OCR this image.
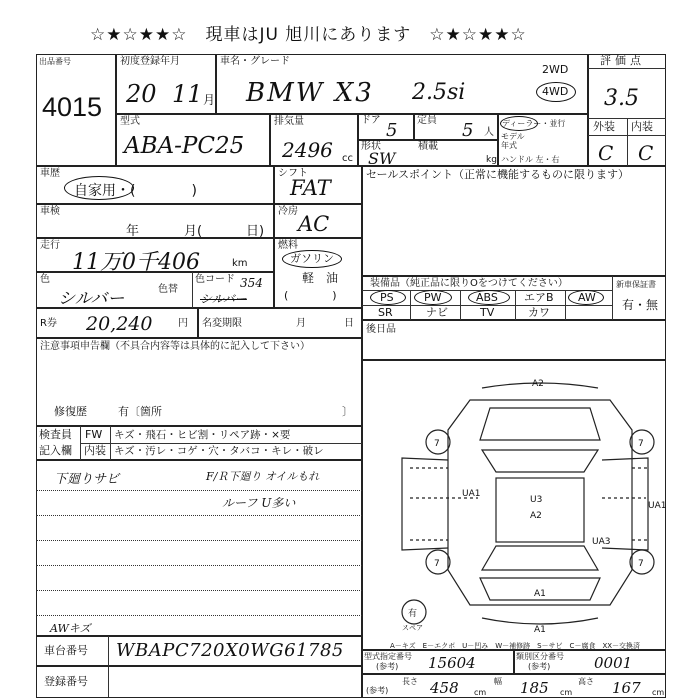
☆★☆★★☆　現車はJU 旭川にあります　☆★☆★★☆
出品番号
4015
初度登録年月
20 11 月
車名・グレード
BMW X3 2.5si
2WD
4WD
評価点
3.5
外装 内装
C C
型式
ABA-PC25
排気量
2496 cc
ドア 5 定員 5 人
ディーラー・並行
モデル年式
ハンドル 左・右
形状
SW
積載
kg
車歴
自家用・(　　　　)
シフト
FAT
セールスポイント（正常に機能するものに限ります）
車検
年	月(	日)
冷房
AC
走行
11万0千406	km
燃料
ガソリン
軽　油
(　　　　)
色
シルバー	色替
色コード 354
シルバー
装備品（純正品に限りOをつけてください）	新車保証書
有・無
PS	PW	ABS エアB AW
SR	ナビ	TV	カワ
R券 20,240	円 名変期限	月	日
後日品
注意事項申告欄（不具合内容等は具体的に記入して下さい）
修復歴	有〔箇所	〕
検査員
記入欄
FW キズ・飛石・ヒビ割・リペア跡・×要
内装 キズ・汚レ・コゲ・穴・タバコ・キレ・破レ
下廻りサビ	F/Ｒ下廻り オイルもれ
ルーフ U多い
AWキズ
A2
7	7
UA1
U3
A2
UA1
UA3
7	7
A1
A1
有
スペア
A－キズ　E－エクボ　U－凹み　W－補修跡　S－サビ　C－腐食　XX－交換済
車台番号 WBAPC720X0WG61785
登録番号
型式指定番号
(参考) 15604	類別区分番号
(参考)	0001
(参考)
長さ 458 cm
幅 185 cm
高さ 167 cm
